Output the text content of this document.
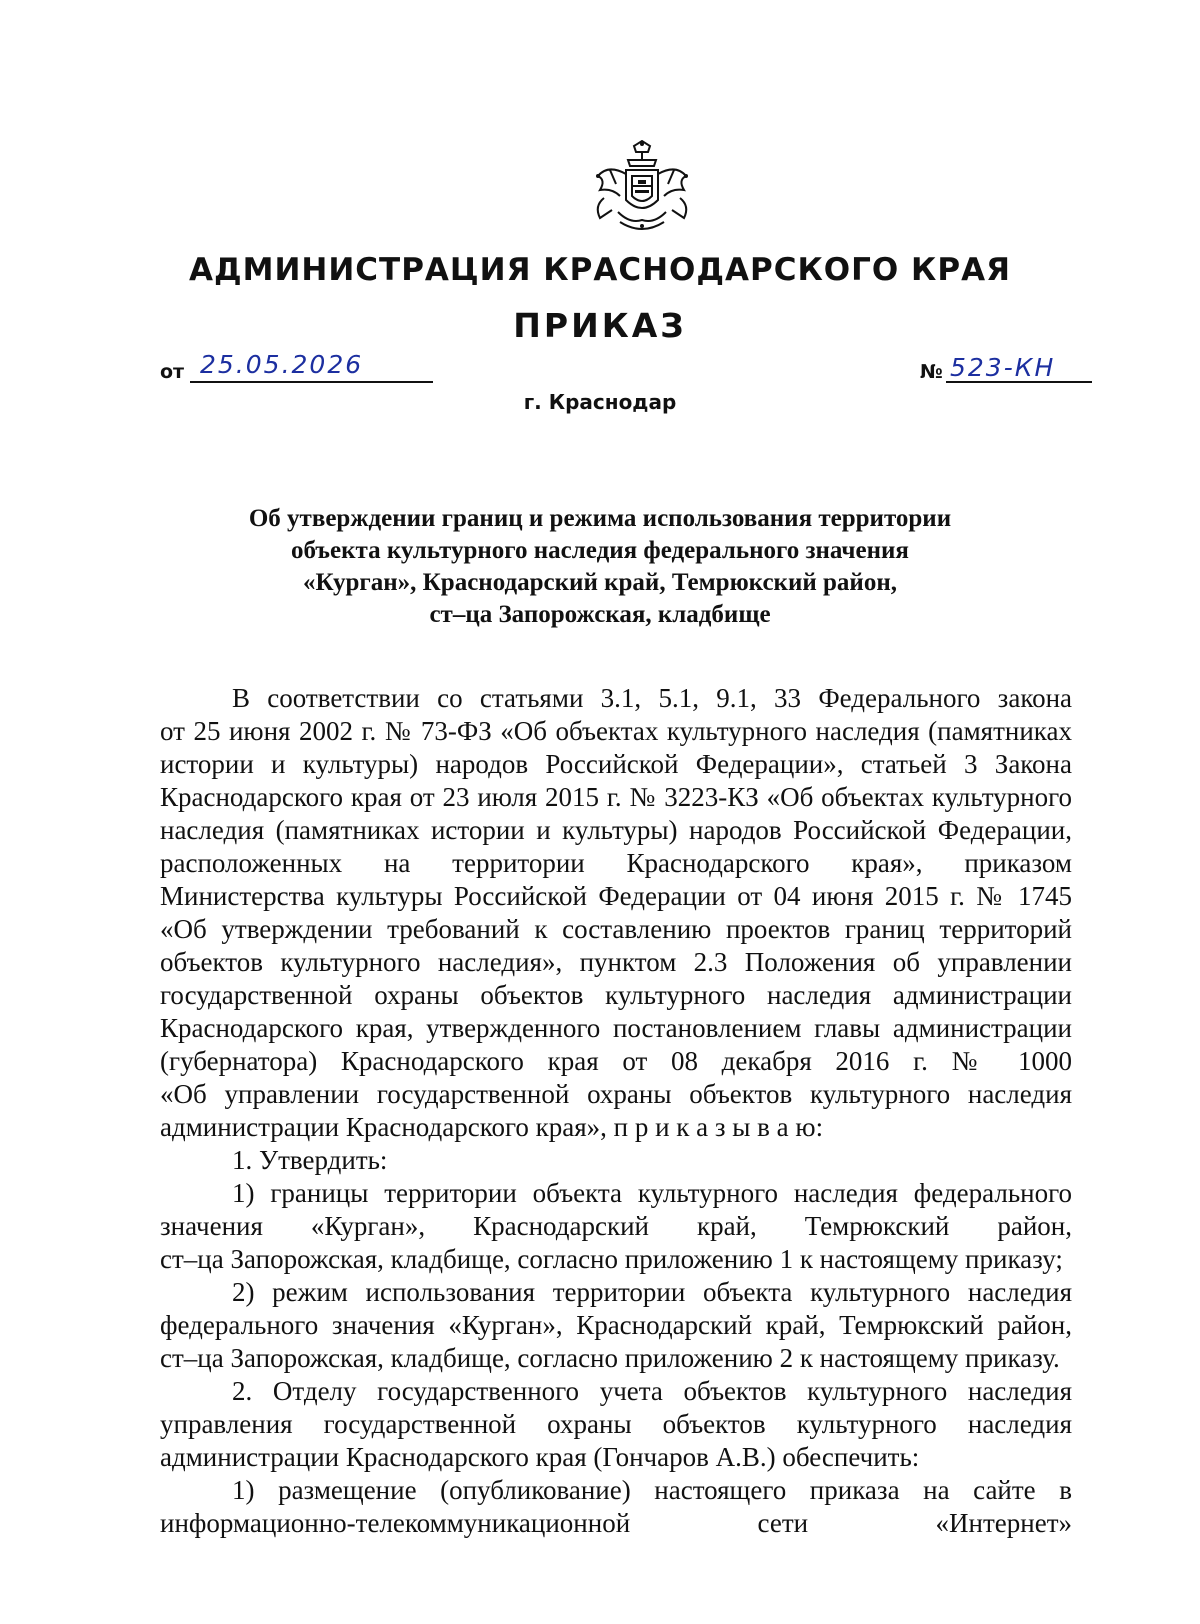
АДМИНИСТРАЦИЯ КРАСНОДАРСКОГО КРАЯ
ПРИКАЗ
от 25.05.2026	№ 523-КН
г. Краснодар
Об утверждении границ и режима использования территории
объекта культурного наследия федерального значения
«Курган», Краснодарский край, Темрюкский район,
ст–ца Запорожская, кладбище
В соответствии со статьями 3.1, 5.1, 9.1, 33 Федерального закона
от 25 июня 2002 г. № 73-ФЗ «Об объектах культурного наследия (памятниках
истории и культуры) народов Российской Федерации», статьей 3 Закона
Краснодарского края от 23 июля 2015 г. № 3223-КЗ «Об объектах культурного
наследия (памятниках истории и культуры) народов Российской Федерации,
расположенных на территории Краснодарского края», приказом
Министерства культуры Российской Федерации от 04 июня 2015 г. № 1745
«Об утверждении требований к составлению проектов границ территорий
объектов культурного наследия», пунктом 2.3 Положения об управлении
государственной охраны объектов культурного наследия администрации
Краснодарского края, утвержденного постановлением главы администрации
(губернатора) Краснодарского края от 08 декабря 2016 г. № 1000
«Об управлении государственной охраны объектов культурного наследия
администрации Краснодарского края», п р и к а з ы в а ю:
1. Утвердить:
1) границы территории объекта культурного наследия федерального
значения «Курган», Краснодарский край, Темрюкский район,
ст–ца Запорожская, кладбище, согласно приложению 1 к настоящему приказу;
2) режим использования территории объекта культурного наследия
федерального значения «Курган», Краснодарский край, Темрюкский район,
ст–ца Запорожская, кладбище, согласно приложению 2 к настоящему приказу.
2. Отделу государственного учета объектов культурного наследия
управления государственной охраны объектов культурного наследия
администрации Краснодарского края (Гончаров А.В.) обеспечить:
1) размещение (опубликование) настоящего приказа на сайте в
информационно-телекоммуникационной сети «Интернет»
